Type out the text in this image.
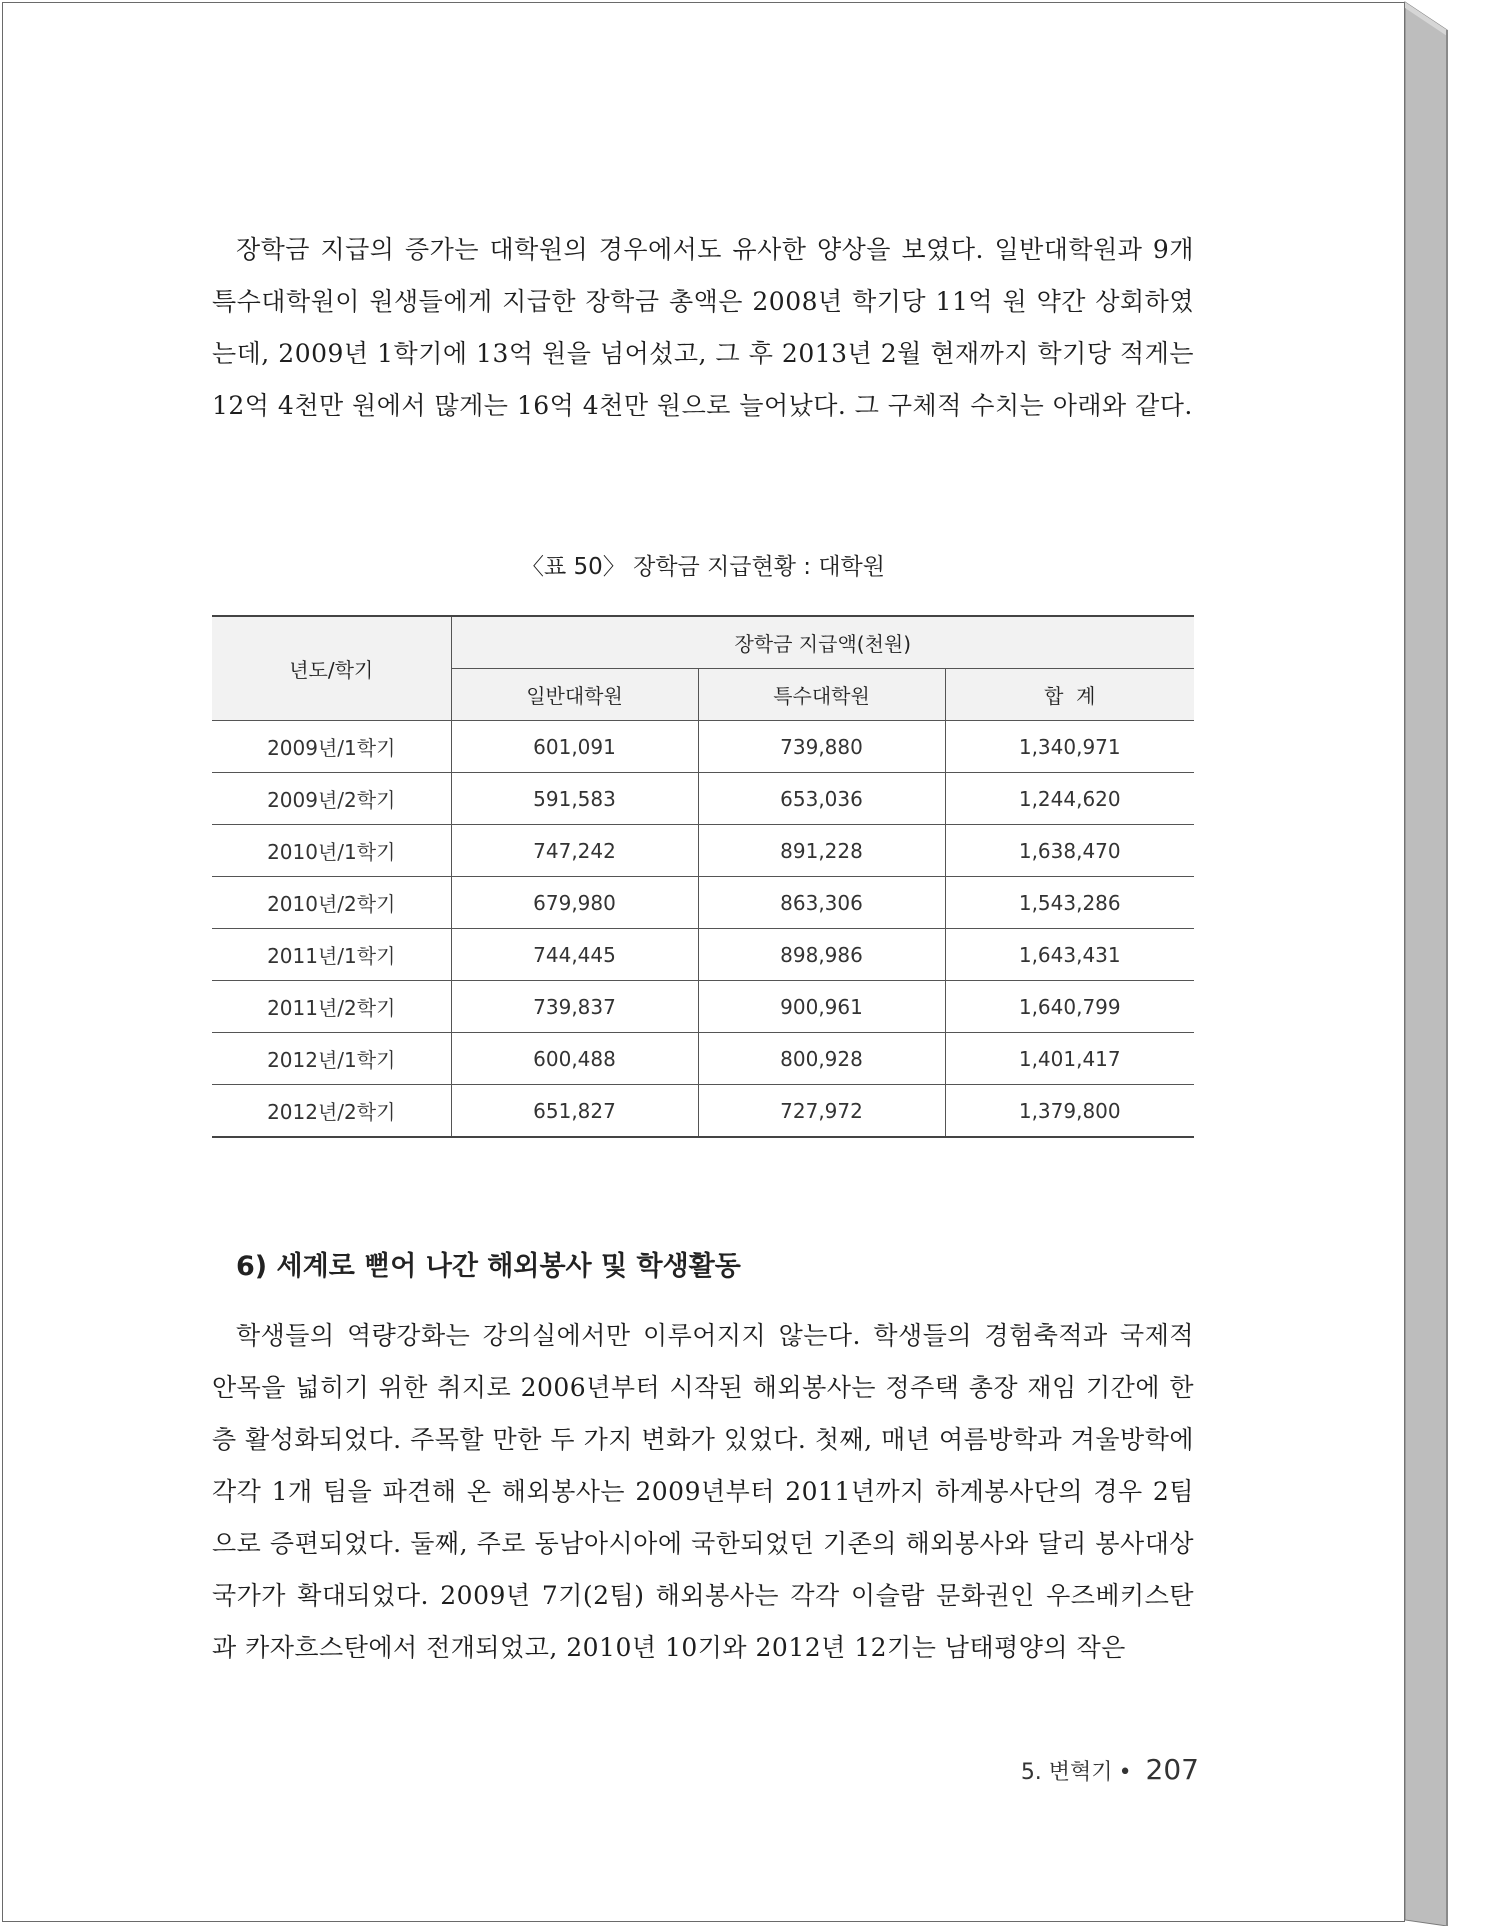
장학금 지급의 증가는 대학원의 경우에서도 유사한 양상을 보였다. 일반대학원과 9개 특수대학원이 원생들에게 지급한 장학금 총액은 2008년 학기당 11억 원 약간 상회하였는데, 2009년 1학기에 13억 원을 넘어섰고, 그 후 2013년 2월 현재까지 학기당 적게는 12억 4천만 원에서 많게는 16억 4천만 원으로 늘어났다. 그 구체적 수치는 아래와 같다.

〈표 50〉 장학금 지급현황 : 대학원
년도/학기	장학금 지급액(천원)		
	일반대학원	특수대학원	합  계
2009년/1학기	601,091	739,880	1,340,971
2009년/2학기	591,583	653,036	1,244,620
2010년/1학기	747,242	891,228	1,638,470
2010년/2학기	679,980	863,306	1,543,286
2011년/1학기	744,445	898,986	1,643,431
2011년/2학기	739,837	900,961	1,640,799
2012년/1학기	600,488	800,928	1,401,417
2012년/2학기	651,827	727,972	1,379,800
6) 세계로 뻗어 나간 해외봉사 및 학생활동

학생들의 역량강화는 강의실에서만 이루어지지 않는다. 학생들의 경험축적과 국제적 안목을 넓히기 위한 취지로 2006년부터 시작된 해외봉사는 정주택 총장 재임 기간에 한층 활성화되었다. 주목할 만한 두 가지 변화가 있었다. 첫째, 매년 여름방학과 겨울방학에 각각 1개 팀을 파견해 온 해외봉사는 2009년부터 2011년까지 하계봉사단의 경우 2팀으로 증편되었다. 둘째, 주로 동남아시아에 국한되었던 기존의 해외봉사와 달리 봉사대상국가가 확대되었다. 2009년 7기(2팀) 해외봉사는 각각 이슬람 문화권인 우즈베키스탄과 카자흐스탄에서 전개되었고, 2010년 10기와 2012년 12기는 남태평양의 작은

5. 변혁기 • 207
